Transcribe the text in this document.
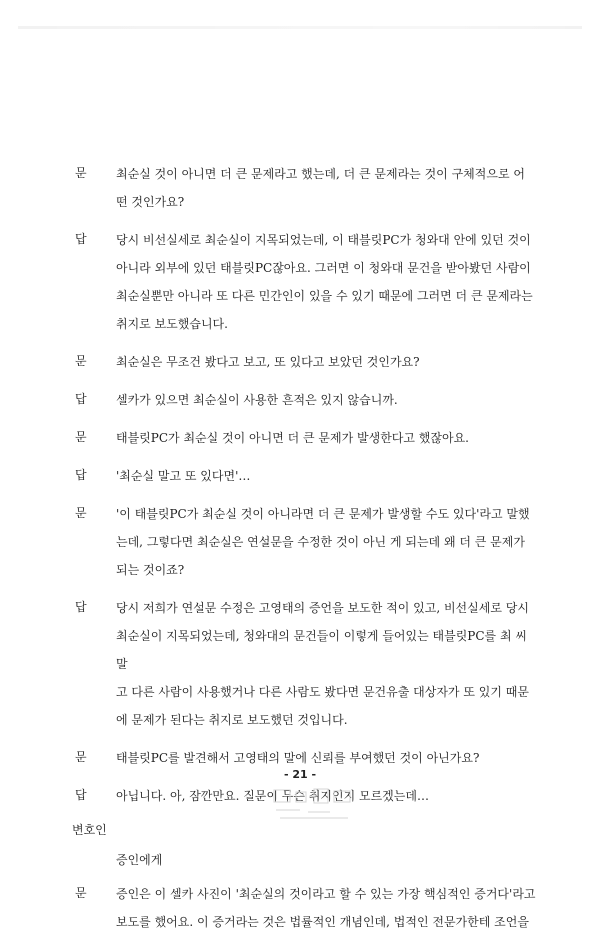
문	최순실 것이 아니면 더 큰 문제라고 했는데, 더 큰 문제라는 것이 구체적으로 어
떤 것인가요?
답	당시 비선실세로 최순실이 지목되었는데, 이 태블릿PC가 청와대 안에 있던 것이
아니라 외부에 있던 태블릿PC잖아요. 그러면 이 청와대 문건을 받아봤던 사람이
최순실뿐만 아니라 또 다른 민간인이 있을 수 있기 때문에 그러면 더 큰 문제라는
취지로 보도했습니다.
문	최순실은 무조건 봤다고 보고, 또 있다고 보았던 것인가요?
답	셀카가 있으면 최순실이 사용한 흔적은 있지 않습니까.
문	태블릿PC가 최순실 것이 아니면 더 큰 문제가 발생한다고 했잖아요.
답	'최순실 말고 또 있다면'…
문	'이 태블릿PC가 최순실 것이 아니라면 더 큰 문제가 발생할 수도 있다'라고 말했
는데, 그렇다면 최순실은 연설문을 수정한 것이 아닌 게 되는데 왜 더 큰 문제가
되는 것이죠?
답	당시 저희가 연설문 수정은 고영태의 증언을 보도한 적이 있고, 비선실세로 당시
최순실이 지목되었는데, 청와대의 문건들이 이렇게 들어있는 태블릿PC를 최 씨 말
고 다른 사람이 사용했거나 다른 사람도 봤다면 문건유출 대상자가 또 있기 때문
에 문제가 된다는 취지로 보도했던 것입니다.
문	태블릿PC를 발견해서 고영태의 말에 신뢰를 부여했던 것이 아닌가요?
답	아닙니다. 아, 잠깐만요. 질문이 무슨 취지인지 모르겠는데…
변호인
증인에게
문	증인은 이 셀카 사진이 '최순실의 것이라고 할 수 있는 가장 핵심적인 증거다'라고
보도를 했어요. 이 증거라는 것은 법률적인 개념인데, 법적인 전문가한테 조언을
- 21 -
